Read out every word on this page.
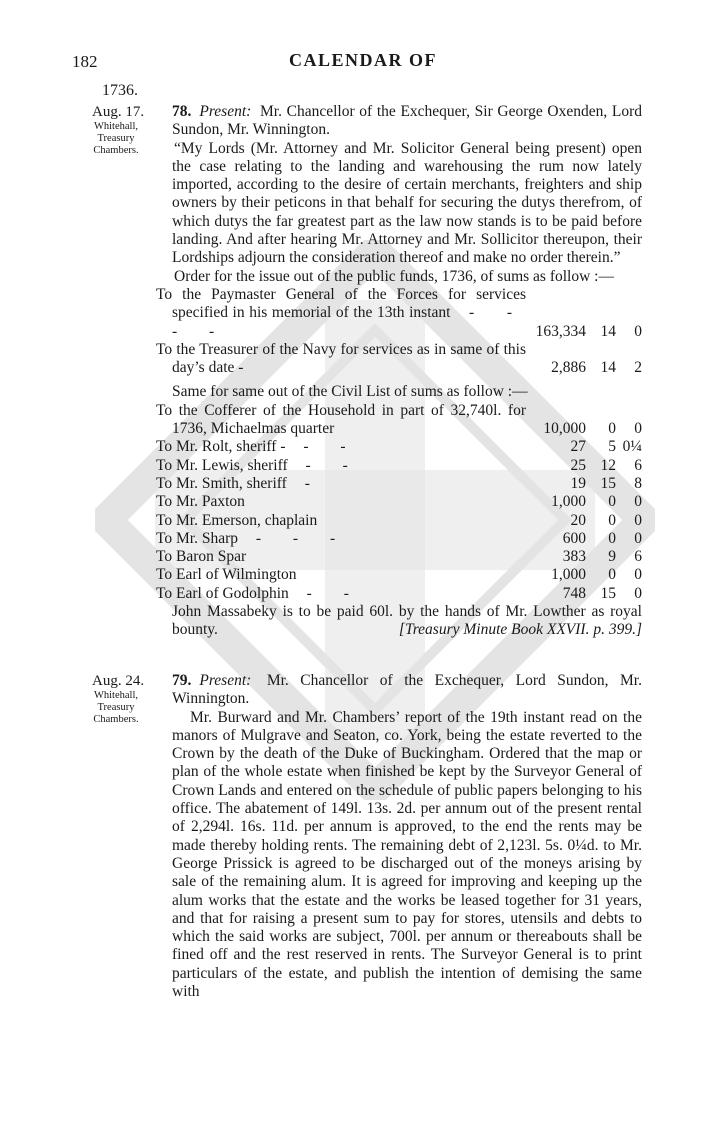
182	CALENDAR OF
1736.
Aug. 17.
Whitehall,
Treasury
Chambers.

78. Present: Mr. Chancellor of the Exchequer, Sir George Oxenden, Lord Sundon, Mr. Winnington.

“My Lords (Mr. Attorney and Mr. Solicitor General being present) open the case relating to the landing and warehousing the rum now lately imported, according to the desire of certain merchants, freighters and ship owners by their peticons in that behalf for securing the dutys therefrom, of which dutys the far greatest part as the law now stands is to be paid before landing. And after hearing Mr. Attorney and Mr. Sollicitor thereupon, their Lordships adjourn the consideration thereof and make no order therein.”

Order for the issue out of the public funds, 1736, of sums as follow :—

To the Paymaster General of the Forces for services specified in his memorial of the 13th instant - - - -	163,334	14	0
To the Treasurer of the Navy for services as in same of this day’s date -	2,886	14	2

Same for same out of the Civil List of sums as follow :—

To the Cofferer of the Household in part of 32,740l. for 1736, Michaelmas quarter	10,000	0	0
To Mr. Rolt, sheriff - - -	27	5	0¼
To Mr. Lewis, sheriff - -	25	12	6
To Mr. Smith, sheriff -	19	15	8
To Mr. Paxton	1,000	0	0
To Mr. Emerson, chaplain	20	0	0
To Mr. Sharp - - -	600	0	0
To Baron Spar	383	9	6
To Earl of Wilmington	1,000	0	0
To Earl of Godolphin - -	748	15	0

John Massabeky is to be paid 60l. by the hands of Mr. Lowther as royal bounty.	[Treasury Minute Book XXVII. p. 399.]

Aug. 24.
Whitehall,
Treasury
Chambers.

79. Present: Mr. Chancellor of the Exchequer, Lord Sundon, Mr. Winnington.

Mr. Burward and Mr. Chambers’ report of the 19th instant read on the manors of Mulgrave and Seaton, co. York, being the estate reverted to the Crown by the death of the Duke of Buckingham. Ordered that the map or plan of the whole estate when finished be kept by the Surveyor General of Crown Lands and entered on the schedule of public papers belonging to his office. The abatement of 149l. 13s. 2d. per annum out of the present rental of 2,294l. 16s. 11d. per annum is approved, to the end the rents may be made thereby holding rents. The remaining debt of 2,123l. 5s. 0¼d. to Mr. George Prissick is agreed to be discharged out of the moneys arising by sale of the remaining alum. It is agreed for improving and keeping up the alum works that the estate and the works be leased together for 31 years, and that for raising a present sum to pay for stores, utensils and debts to which the said works are subject, 700l. per annum or thereabouts shall be fined off and the rest reserved in rents. The Surveyor General is to print particulars of the estate, and publish the intention of demising the same with
